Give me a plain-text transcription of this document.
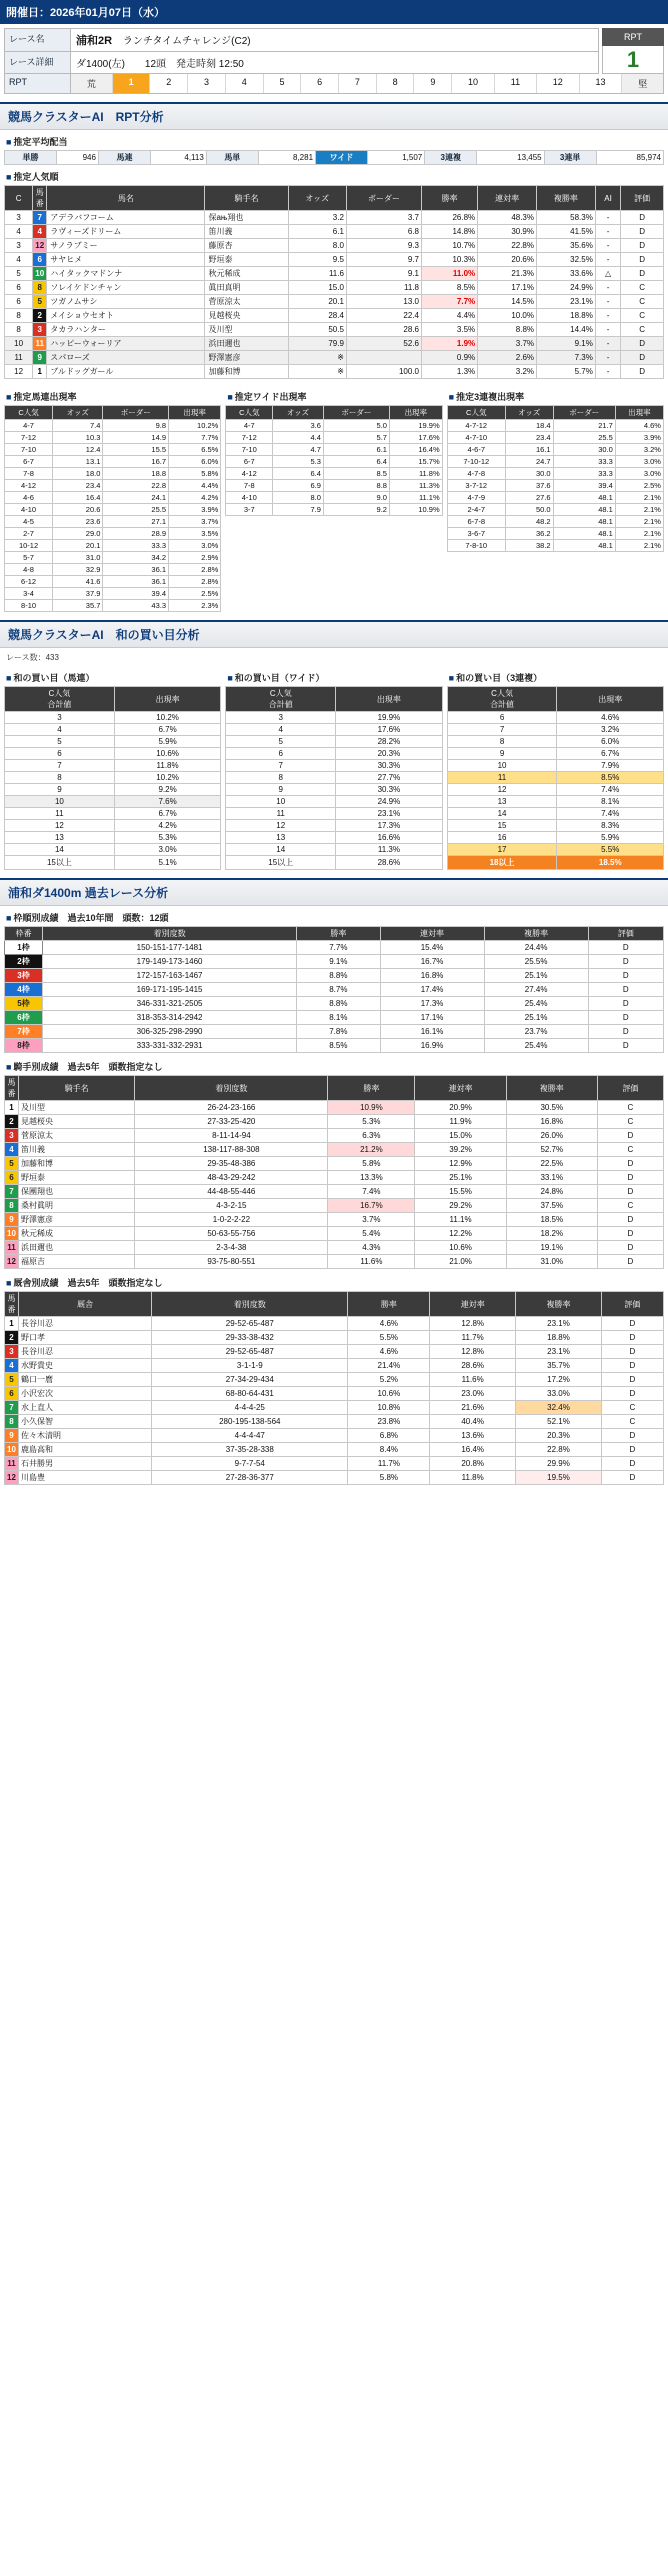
開催日：2026年01月07日（水）
レース名	浦和2R ランチタイムチャレンジ(C2)
レース詳細	ダ1400(左)　　12頭　発走時刻 12:50
RPT
1
RPT	荒	1	2	3	4	5	6	7	8	9	10	11	12	13	堅
競馬クラスターAI　RPT分析
■ 推定平均配当
単勝	946	馬連	4,113	馬単	8,281	ワイド	1,507	3連複	13,455	3連単	85,974
■ 推定人気順
C	馬番	馬名	騎手名	オッズ	ボーダー	勝率	連対率	複勝率	AI	評価
3	7	アデラバフコーム	保ањ翔也	3.2	3.7	26.8%	48.3%	58.3%	-	D
4	4	ラヴィーズドリーム	笛川義	6.1	6.8	14.8%	30.9%	41.5%	-	D
3	12	サノラブミー	藤原杏	8.0	9.3	10.7%	22.8%	35.6%	-	D
4	6	サヤヒメ	野垣泰	9.5	9.7	10.3%	20.6%	32.5%	-	D
5	10	ハイタックマドンナ	秋元稀成	11.6	9.1	11.0%	21.3%	33.6%	△	D
6	8	ソレイケドンチャン	眞田真明	15.0	11.8	8.5%	17.1%	24.9%	-	C
6	5	ツガノムサシ	菅原涼太	20.1	13.0	7.7%	14.5%	23.1%	-	C
8	2	メイショウセオト	見越桜央	28.4	22.4	4.4%	10.0%	18.8%	-	C
8	3	タカラハンター	及川型	50.5	28.6	3.5%	8.8%	14.4%	-	C
10	11	ハッピーウォーリア	浜田邇也	79.9	52.6	1.9%	3.7%	9.1%	-	D
11	9	スパローズ	野澤憲彦	※		0.9%	2.6%	7.3%	-	D
12	1	ブルドッグガール	加藤和博	※	100.0	1.3%	3.2%	5.7%	-	D
■ 推定馬連出現率
C人気	オッズ	ボーダー	出現率
4-7	7.4	9.8	10.2%
7-12	10.3	14.9	7.7%
7-10	12.4	15.5	6.5%
6-7	13.1	16.7	6.0%
7-8	18.0	18.8	5.8%
4-12	23.4	22.8	4.4%
4-6	16.4	24.1	4.2%
4-10	20.6	25.5	3.9%
4-5	23.6	27.1	3.7%
2-7	29.0	28.9	3.5%
10-12	20.1	33.3	3.0%
5-7	31.0	34.2	2.9%
4-8	32.9	36.1	2.8%
6-12	41.6	36.1	2.8%
3-4	37.9	39.4	2.5%
8-10	35.7	43.3	2.3%
■ 推定ワイド出現率
C人気	オッズ	ボーダー	出現率
4-7	3.6	5.0	19.9%
7-12	4.4	5.7	17.6%
7-10	4.7	6.1	16.4%
6-7	5.3	6.4	15.7%
4-12	6.4	8.5	11.8%
7-8	6.9	8.8	11.3%
4-10	8.0	9.0	11.1%
3-7	7.9	9.2	10.9%
■ 推定3連複出現率
C人気	オッズ	ボーダー	出現率
4-7-12	18.4	21.7	4.6%
4-7-10	23.4	25.5	3.9%
4-6-7	16.1	30.0	3.2%
7-10-12	24.7	33.3	3.0%
4-7-8	30.0	33.3	3.0%
3-7-12	37.6	39.4	2.5%
4-7-9	27.6	48.1	2.1%
2-4-7	50.0	48.1	2.1%
6-7-8	48.2	48.1	2.1%
3-6-7	36.2	48.1	2.1%
7-8-10	38.2	48.1	2.1%
競馬クラスターAI　和の買い目分析
レース数：433
■ 和の買い目（馬連）
C人気
合計値	出現率
3	10.2%
4	6.7%
5	5.9%
6	10.6%
7	11.8%
8	10.2%
9	9.2%
10	7.6%
11	6.7%
12	4.2%
13	5.3%
14	3.0%
15以上	5.1%
■ 和の買い目（ワイド）
C人気
合計値	出現率
3	19.9%
4	17.6%
5	28.2%
6	20.3%
7	30.3%
8	27.7%
9	30.3%
10	24.9%
11	23.1%
12	17.3%
13	16.6%
14	11.3%
15以上	28.6%
■ 和の買い目（3連複）
C人気
合計値	出現率
6	4.6%
7	3.2%
8	6.0%
9	6.7%
10	7.9%
11	8.5%
12	7.4%
13	8.1%
14	7.4%
15	8.3%
16	5.9%
17	5.5%
18以上	18.5%
浦和ダ1400m 過去レース分析
■ 枠順別成績　過去10年間　頭数：12頭
枠番	着別度数	勝率	連対率	複勝率	評価
1枠	150-151-177-1481	7.7%	15.4%	24.4%	D
2枠	179-149-173-1460	9.1%	16.7%	25.5%	D
3枠	172-157-163-1467	8.8%	16.8%	25.1%	D
4枠	169-171-195-1415	8.7%	17.4%	27.4%	D
5枠	346-331-321-2505	8.8%	17.3%	25.4%	D
6枠	318-353-314-2942	8.1%	17.1%	25.1%	D
7枠	306-325-298-2990	7.8%	16.1%	23.7%	D
8枠	333-331-332-2931	8.5%	16.9%	25.4%	D
■ 騎手別成績　過去5年　頭数指定なし
馬番	騎手名	着別度数	勝率	連対率	複勝率	評価
1	及川型	26-24-23-166	10.9%	20.9%	30.5%	C
2	見越桜央	27-33-25-420	5.3%	11.9%	16.8%	C
3	菅原涼太	8-11-14-94	6.3%	15.0%	26.0%	D
4	笛川義	138-117-88-308	21.2%	39.2%	52.7%	C
5	加藤和博	29-35-48-386	5.8%	12.9%	22.5%	D
6	野垣泰	48-43-29-242	13.3%	25.1%	33.1%	D
7	保團翔也	44-48-55-446	7.4%	15.5%	24.8%	D
8	桑村眞明	4-3-2-15	16.7%	29.2%	37.5%	C
9	野澤憲彦	1-0-2-2-22	3.7%	11.1%	18.5%	D
10	秋元稀成	50-63-55-756	5.4%	12.2%	18.2%	D
11	浜田邇也	2-3-4-38	4.3%	10.6%	19.1%	D
12	福原吉	93-75-80-551	11.6%	21.0%	31.0%	D
■ 厩舎別成績　過去5年　頭数指定なし
馬番	厩舎	着別度数	勝率	連対率	複勝率	評価
1	長谷川忍	29-52-65-487	4.6%	12.8%	23.1%	D
2	野口孝	29-33-38-432	5.5%	11.7%	18.8%	D
3	長谷川忍	29-52-65-487	4.6%	12.8%	23.1%	D
4	水野貴史	3-1-1-9	21.4%	28.6%	35.7%	D
5	鶴口一麿	27-34-29-434	5.2%	11.6%	17.2%	D
6	小沢宏次	68-80-64-431	10.6%	23.0%	33.0%	D
7	水上直人	4-4-4-25	10.8%	21.6%	32.4%	C
8	小久保智	280-195-138-564	23.8%	40.4%	52.1%	C
9	佐々木清明	4-4-4-47	6.8%	13.6%	20.3%	D
10	鹿島高和	37-35-28-338	8.4%	16.4%	22.8%	D
11	石井勝男	9-7-7-54	11.7%	20.8%	29.9%	D
12	川島豊	27-28-36-377	5.8%	11.8%	19.5%	D
